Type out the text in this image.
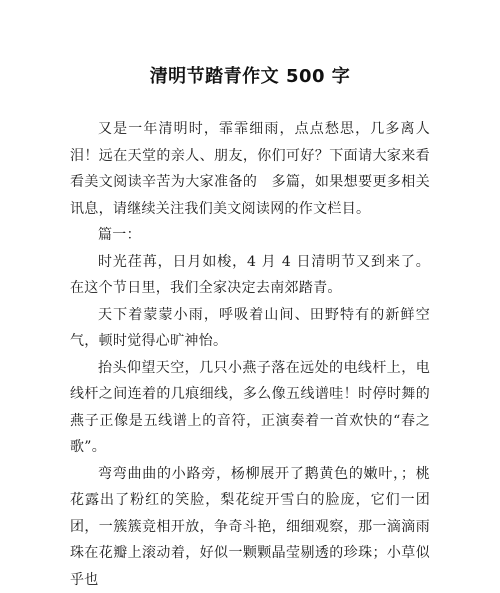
清明节踏青作文 500 字

又是一年清明时，霏霏细雨，点点愁思，几多离人泪！远在天堂的亲人、朋友，你们可好？下面请大家来看看美文阅读辛苦为大家准备的　多篇，如果想要更多相关讯息，请继续关注我们美文阅读网的作文栏目。

篇一：

时光荏苒，日月如梭，4 月 4 日清明节又到来了。在这个节日里，我们全家决定去南郊踏青。

天下着蒙蒙小雨，呼吸着山间、田野特有的新鲜空气，顿时觉得心旷神怡。

抬头仰望天空，几只小燕子落在远处的电线杆上，电线杆之间连着的几痕细线，多么像五线谱哇！时停时舞的燕子正像是五线谱上的音符，正演奏着一首欢快的“春之歌”。

弯弯曲曲的小路旁，杨柳展开了鹅黄色的嫩叶，；桃花露出了粉红的笑脸，梨花绽开雪白的脸庞，它们一团团，一簇簇竞相开放，争奇斗艳，细细观察，那一滴滴雨珠在花瓣上滚动着，好似一颗颗晶莹剔透的珍珠；小草似乎也
